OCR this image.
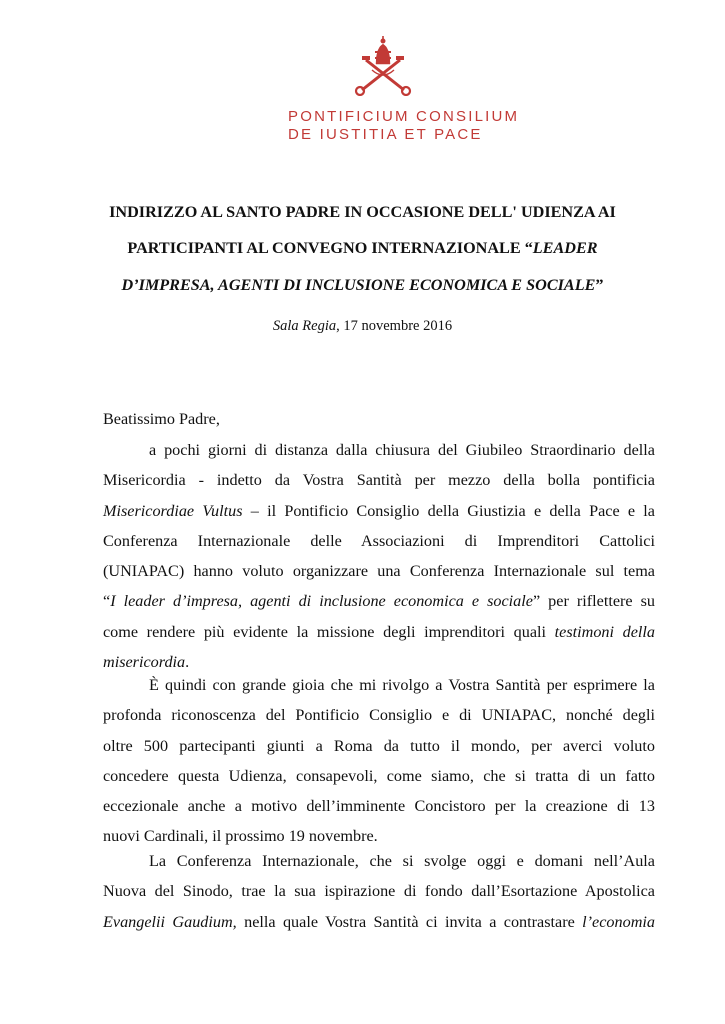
PONTIFICIUM CONSILIUM
DE IUSTITIA ET PACE
INDIRIZZO AL SANTO PADRE IN OCCASIONE DELL' UDIENZA AI
PARTICIPANTI AL CONVEGNO INTERNAZIONALE “LEADER
D’IMPRESA, AGENTI DI INCLUSIONE ECONOMICA E SOCIALE”
Sala Regia, 17 novembre 2016
Beatissimo Padre,
a pochi giorni di distanza dalla chiusura del Giubileo Straordinario della
Misericordia - indetto da Vostra Santità per mezzo della bolla pontificia
Misericordiae Vultus – il Pontificio Consiglio della Giustizia e della Pace e la
Conferenza Internazionale delle Associazioni di Imprenditori Cattolici
(UNIAPAC) hanno voluto organizzare una Conferenza Internazionale sul tema
“I leader d’impresa, agenti di inclusione economica e sociale” per riflettere su
come rendere più evidente la missione degli imprenditori quali testimoni della
misericordia.
È quindi con grande gioia che mi rivolgo a Vostra Santità per esprimere la
profonda riconoscenza del Pontificio Consiglio e di UNIAPAC, nonché degli
oltre 500 partecipanti giunti a Roma da tutto il mondo, per averci voluto
concedere questa Udienza, consapevoli, come siamo, che si tratta di un fatto
eccezionale anche a motivo dell’imminente Concistoro per la creazione di 13
nuovi Cardinali, il prossimo 19 novembre.
La Conferenza Internazionale, che si svolge oggi e domani nell’Aula
Nuova del Sinodo, trae la sua ispirazione di fondo dall’Esortazione Apostolica
Evangelii Gaudium, nella quale Vostra Santità ci invita a contrastare l’economia
